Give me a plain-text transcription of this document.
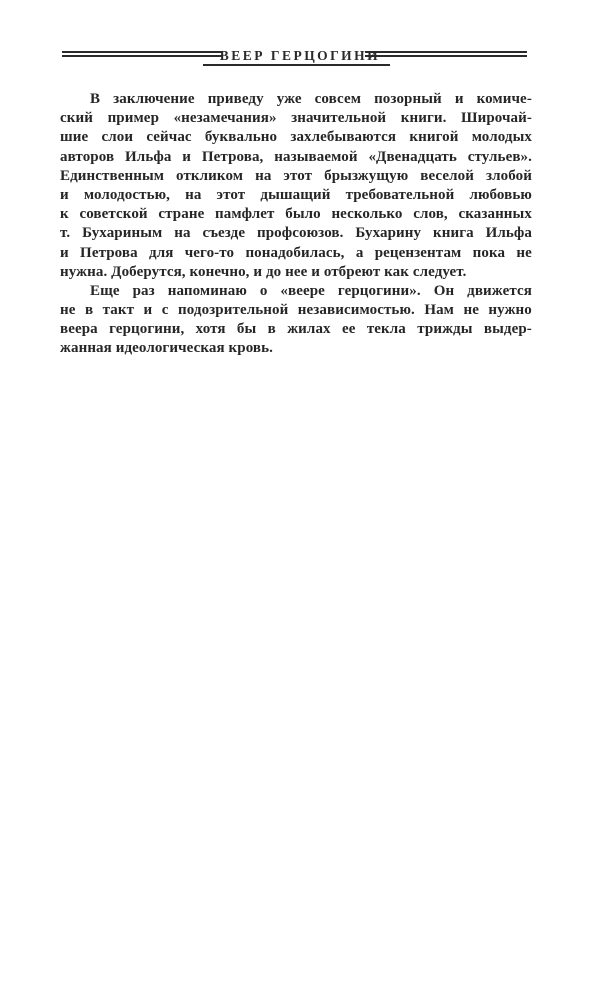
ВЕЕР ГЕРЦОГИНИ
В заключение приведу уже совсем позорный и комиче-
ский пример «незамечания» значительной книги. Широчай-
шие слои сейчас буквально захлебываются книгой молодых
авторов Ильфа и Петрова, называемой «Двенадцать стульев».
Единственным откликом на этот брызжущую веселой злобой
и молодостью, на этот дышащий требовательной любовью
к советской стране памфлет было несколько слов, сказанных
т. Бухариным на съезде профсоюзов. Бухарину книга Ильфа
и Петрова для чего-то понадобилась, а рецензентам пока не
нужна. Доберутся, конечно, и до нее и отбреют как следует.
Еще раз напоминаю о «веере герцогини». Он движется
не в такт и с подозрительной независимостью. Нам не нужно
веера герцогини, хотя бы в жилах ее текла трижды выдер-
жанная идеологическая кровь.
